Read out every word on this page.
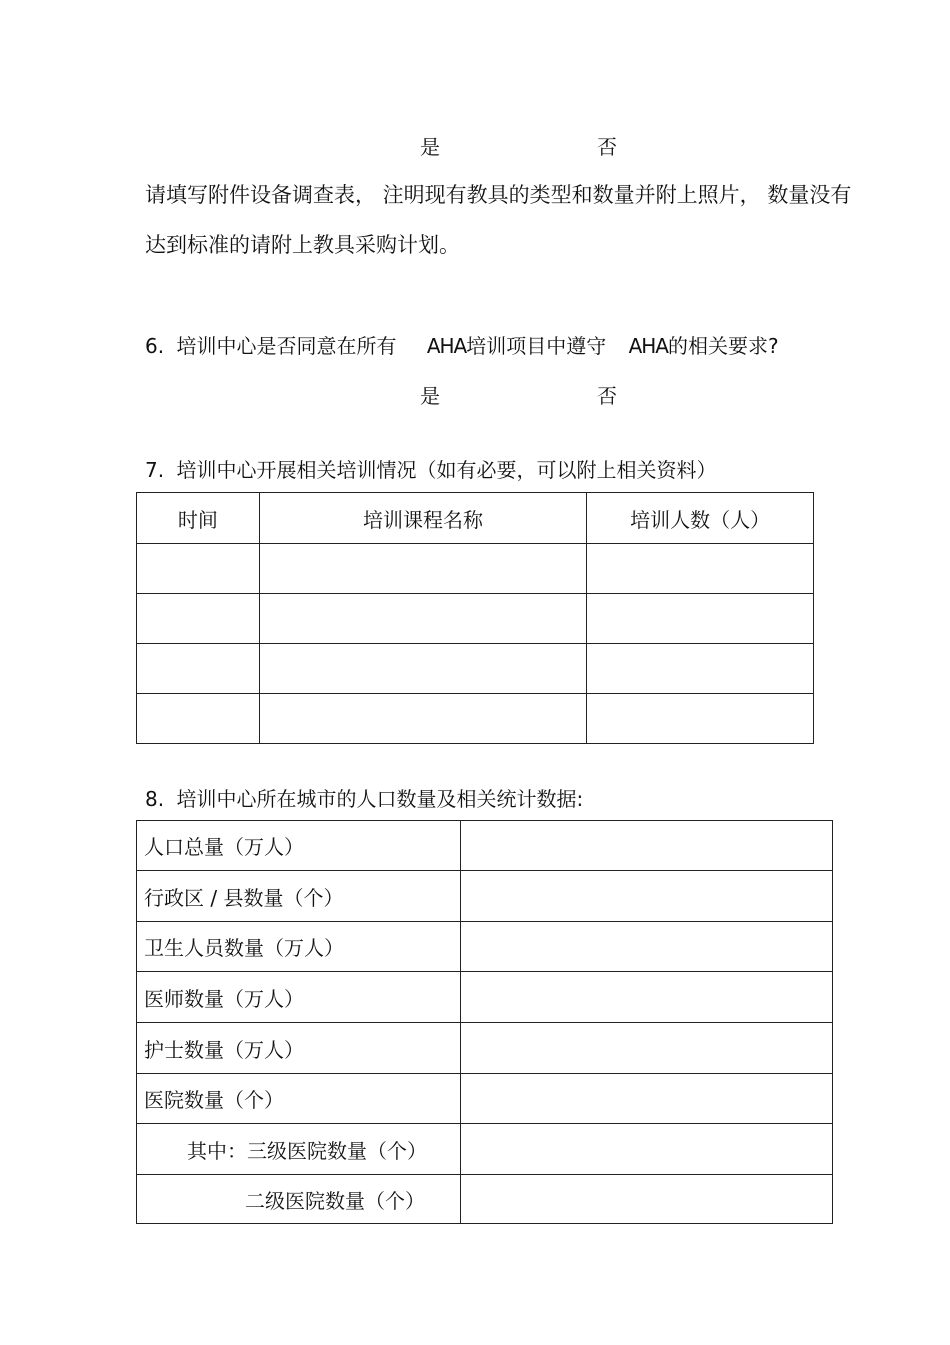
是	否
请填写附件设备调查表， 注明现有教具的类型和数量并附上照片， 数量没有
达到标准的请附上教具采购计划。
6. 培训中心是否同意在所有 AHA培训项目中遵守 AHA的相关要求?
是	否
7. 培训中心开展相关培训情况（如有必要，可以附上相关资料）
时间	培训课程名称	培训人数（人）

8. 培训中心所在城市的人口数量及相关统计数据:
人口总量（万人）	
行政区 / 县数量（个）	
卫生人员数量（万人）	
医师数量（万人）	
护士数量（万人）	
医院数量（个）	
其中：三级医院数量（个）	
二级医院数量（个）	
